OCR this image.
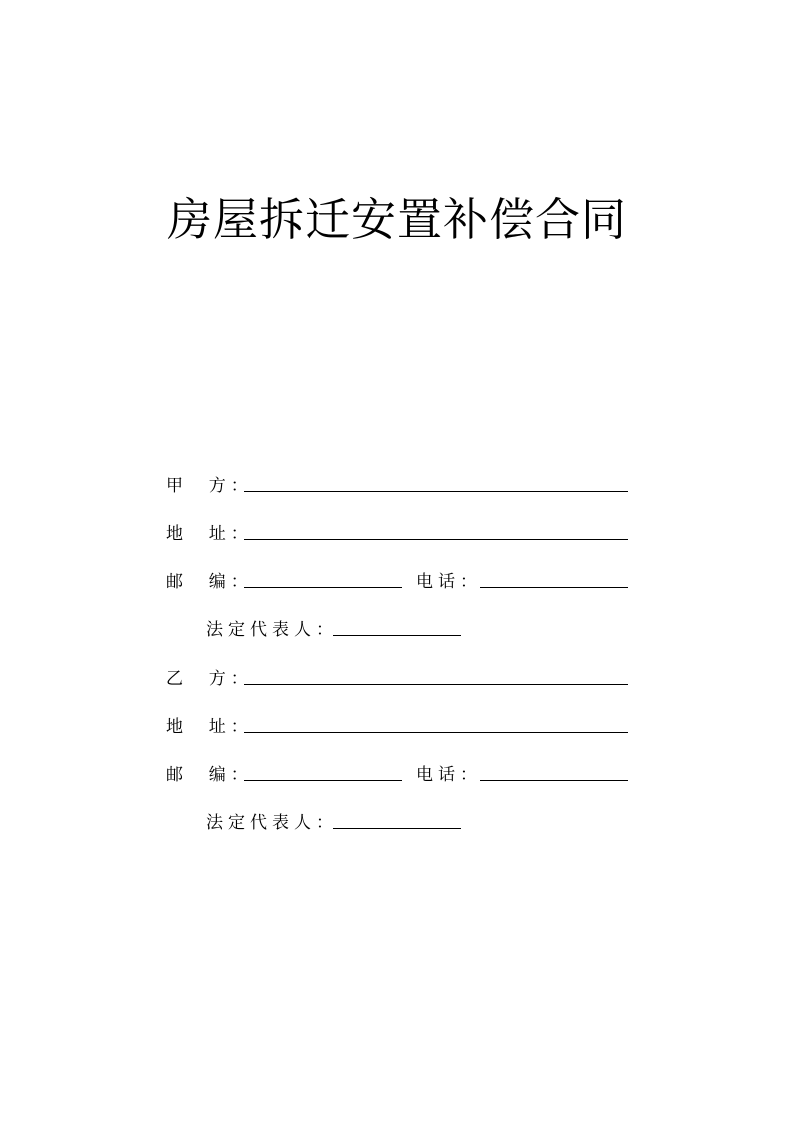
房屋拆迁安置补偿合同
甲  方：
地  址：
邮  编：	电话：
法定代表人：
乙  方：
地  址：
邮  编：	电话：
法定代表人：
